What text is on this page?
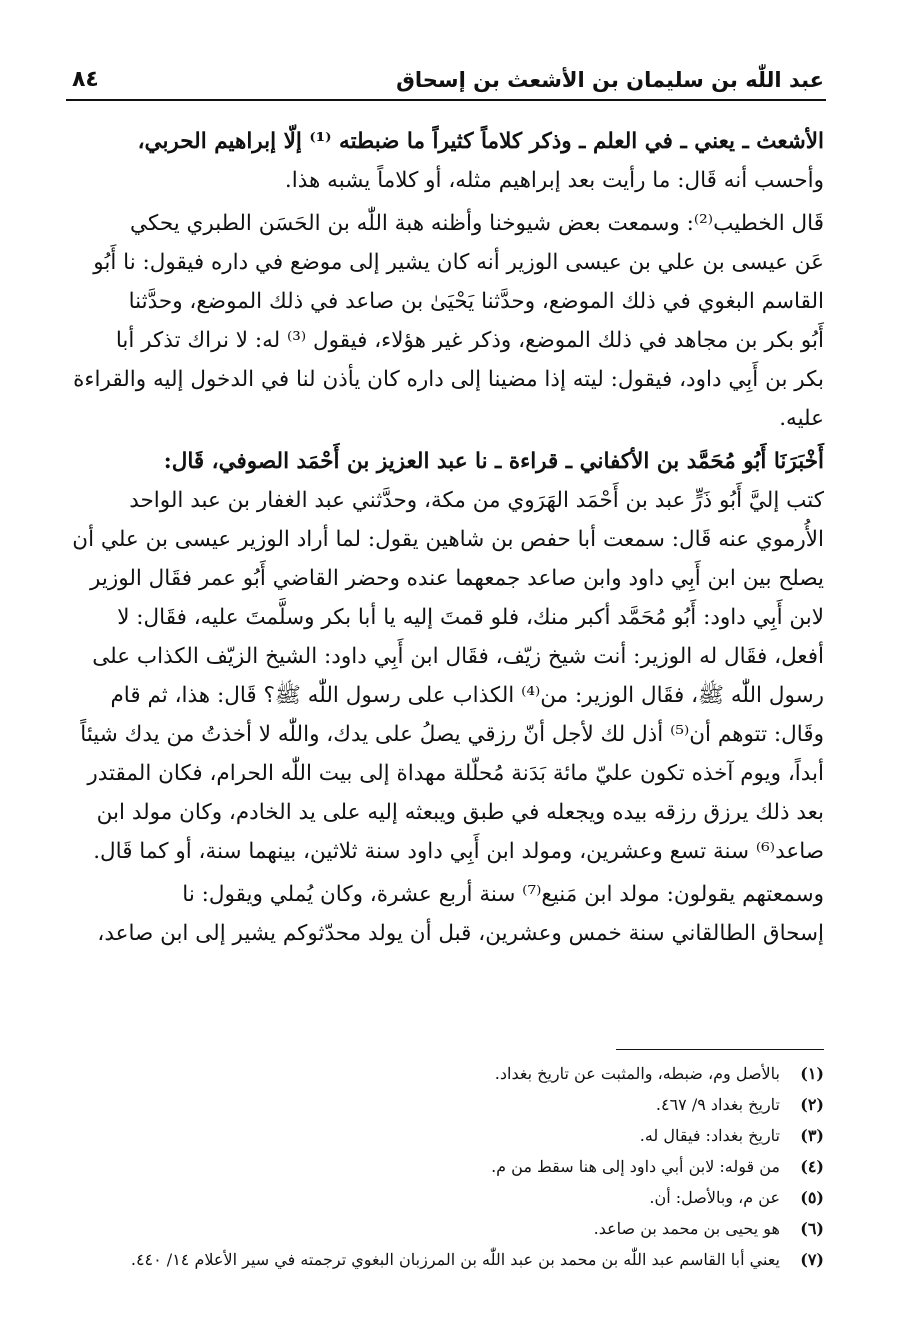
عبد اللّٰه بن سليمان بن الأشعث بن إسحاق
٨٤

الأشعث ـ يعني ـ في العلم ـ وذكر كلاماً كثيراً ما ضبطته ⁽¹⁾ إلّا إبراهيم الحربي،

وأحسب أنه قَال: ما رأيت بعد إبراهيم مثله، أو كلاماً يشبه هذا.

قَال الخطيب⁽²⁾: وسمعت بعض شيوخنا وأظنه هبة اللّٰه بن الحَسَن الطبري يحكي

عَن عيسى بن علي بن عيسى الوزير أنه كان يشير إلى موضع في داره فيقول: نا أَبُو

القاسم البغوي في ذلك الموضع، وحدَّثنا يَحْيَىٰ بن صاعد في ذلك الموضع، وحدَّثنا

أَبُو بكر بن مجاهد في ذلك الموضع، وذكر غير هؤلاء، فيقول ⁽³⁾ له: لا نراك تذكر أبا

بكر بن أَبِي داود، فيقول: ليته إذا مضينا إلى داره كان يأذن لنا في الدخول إليه والقراءة

عليه.

أَخْبَرَنَا أَبُو مُحَمَّد بن الأكفاني ـ قراءة ـ نا عبد العزيز بن أَحْمَد الصوفي، قَال:

كتب إليَّ أَبُو ذَرٍّ عبد بن أَحْمَد الهَرَوي من مكة، وحدَّثني عبد الغفار بن عبد الواحد

الأُرموي عنه قَال: سمعت أبا حفص بن شاهين يقول: لما أراد الوزير عيسى بن علي أن

يصلح بين ابن أَبِي داود وابن صاعد جمعهما عنده وحضر القاضي أَبُو عمر فقَال الوزير

لابن أَبِي داود: أَبُو مُحَمَّد أكبر منك، فلو قمتَ إليه يا أبا بكر وسلَّمتَ عليه، فقَال: لا

أفعل، فقَال له الوزير: أنت شيخ زيّف، فقَال ابن أَبِي داود: الشيخ الزيّف الكذاب على

رسول اللّٰه ﷺ، فقَال الوزير: من⁽⁴⁾ الكذاب على رسول اللّٰه ﷺ؟ قَال: هذا، ثم قام

وقَال: تتوهم أن⁽⁵⁾ أذل لك لأجل أنّ رزقي يصلُ على يدك، واللّٰه لا أخذتُ من يدك شيئاً

أبداً، ويوم آخذه تكون عليّ مائة بَدَنة مُحلّلة مهداة إلى بيت اللّٰه الحرام، فكان المقتدر

بعد ذلك يرزق رزقه بيده ويجعله في طبق ويبعثه إليه على يد الخادم، وكان مولد ابن

صاعد⁽⁶⁾ سنة تسع وعشرين، ومولد ابن أَبِي داود سنة ثلاثين، بينهما سنة، أو كما قَال.

وسمعتهم يقولون: مولد ابن مَنيع⁽⁷⁾ سنة أربع عشرة، وكان يُملي ويقول: نا

إسحاق الطالقاني سنة خمس وعشرين، قبل أن يولد محدّثوكم يشير إلى ابن صاعد،

(١)
بالأصل وم، ضبطه، والمثبت عن تاريخ بغداد.
(٢)
تاريخ بغداد ٩/ ٤٦٧.
(٣)
تاريخ بغداد: فيقال له.
(٤)
من قوله: لابن أبي داود إلى هنا سقط من م.
(٥)
عن م، وبالأصل: أن.
(٦)
هو يحيى بن محمد بن صاعد.
(٧)
يعني أبا القاسم عبد اللّٰه بن محمد بن عبد اللّٰه بن المرزبان البغوي ترجمته في سير الأعلام ١٤/ ٤٤٠.
